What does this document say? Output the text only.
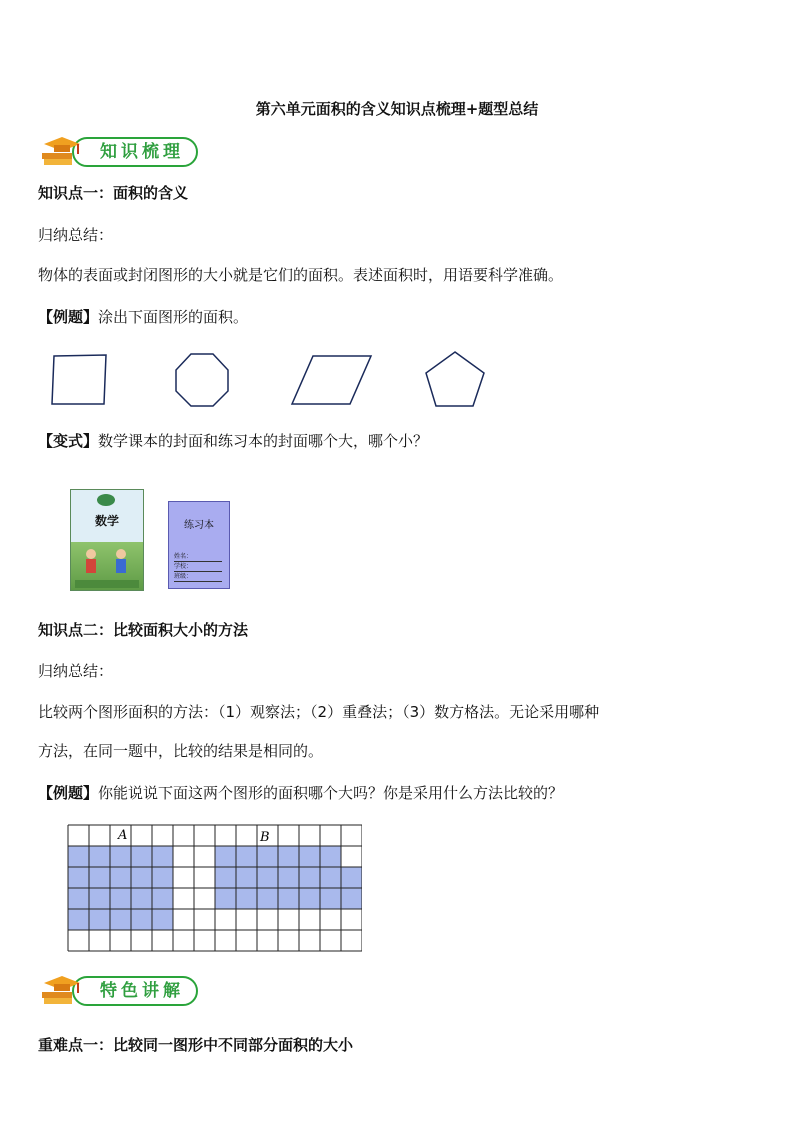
第六单元面积的含义知识点梳理+题型总结
知识梳理
知识点一：面积的含义
归纳总结：
物体的表面或封闭图形的大小就是它们的面积。表述面积时，用语要科学准确。
【例题】涂出下面图形的面积。
【变式】数学课本的封面和练习本的封面哪个大，哪个小？
数学	练习本
姓名：
学校：
班级：
知识点二：比较面积大小的方法
归纳总结：
比较两个图形面积的方法：（1）观察法；（2）重叠法；（3）数方格法。无论采用哪种
方法，在同一题中，比较的结果是相同的。
【例题】你能说说下面这两个图形的面积哪个大吗？你是采用什么方法比较的？
A	B
特色讲解
重难点一：比较同一图形中不同部分面积的大小
